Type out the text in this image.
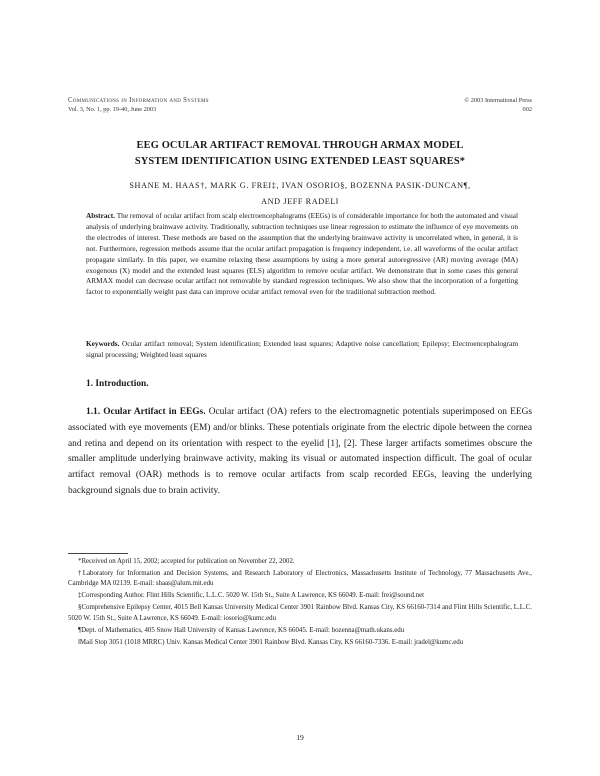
Communications in Information and Systems
Vol. 3, No. 1, pp. 19-40, June 2003
© 2003 International Press
002
EEG OCULAR ARTIFACT REMOVAL THROUGH ARMAX MODEL
SYSTEM IDENTIFICATION USING EXTENDED LEAST SQUARES*
SHANE M. HAAS†, MARK G. FREI‡, IVAN OSORIO§, BOZENNA PASIK-DUNCAN¶,
AND JEFF RADEL‖
Abstract. The removal of ocular artifact from scalp electroencephalograms (EEGs) is of considerable importance for both the automated and visual analysis of underlying brainwave activity. Traditionally, subtraction techniques use linear regression to estimate the influence of eye movements on the electrodes of interest. These methods are based on the assumption that the underlying brainwave activity is uncorrelated when, in general, it is not. Furthermore, regression methods assume that the ocular artifact propagation is frequency independent, i.e. all waveforms of the ocular artifact propagate similarly. In this paper, we examine relaxing these assumptions by using a more general autoregressive (AR) moving average (MA) exogenous (X) model and the extended least squares (ELS) algorithm to remove ocular artifact. We demonstrate that in some cases this general ARMAX model can decrease ocular artifact not removable by standard regression techniques. We also show that the incorporation of a forgetting factor to exponentially weight past data can improve ocular artifact removal even for the traditional subtraction method.
Keywords. Ocular artifact removal; System identification; Extended least squares; Adaptive noise cancellation; Epilepsy; Electroencephalogram signal processing; Weighted least squares
1. Introduction.
1.1. Ocular Artifact in EEGs. Ocular artifact (OA) refers to the electromagnetic potentials superimposed on EEGs associated with eye movements (EM) and/or blinks. These potentials originate from the electric dipole between the cornea and retina and depend on its orientation with respect to the eyelid [1], [2]. These larger artifacts sometimes obscure the smaller amplitude underlying brainwave activity, making its visual or automated inspection difficult. The goal of ocular artifact removal (OAR) methods is to remove ocular artifacts from scalp recorded EEGs, leaving the underlying background signals due to brain activity.

*Received on April 15, 2002; accepted for publication on November 22, 2002.

†Laboratory for Information and Decision Systems, and Research Laboratory of Electronics, Massachusetts Institute of Technology, 77 Massachusetts Ave., Cambridge MA 02139. E-mail: shaas@alum.mit.edu

‡Corresponding Author. Flint Hills Scientific, L.L.C. 5020 W. 15th St., Suite A Lawrence, KS 66049. E-mail: frei@sound.net

§Comprehensive Epilepsy Center, 4015 Bell Kansas University Medical Center 3901 Rainbow Blvd. Kansas City, KS 66160-7314 and Flint Hills Scientific, L.L.C. 5020 W. 15th St., Suite A Lawrence, KS 66049. E-mail: iosorio@kumc.edu

¶Dept. of Mathematics, 405 Snow Hall University of Kansas Lawrence, KS 66045. E-mail: bozenna@math.ukans.edu

‖Mail Stop 3051 (1018 MRRC) Univ. Kansas Medical Center 3901 Rainbow Blvd. Kansas City, KS 66160-7336. E-mail: jradel@kumc.edu

19
